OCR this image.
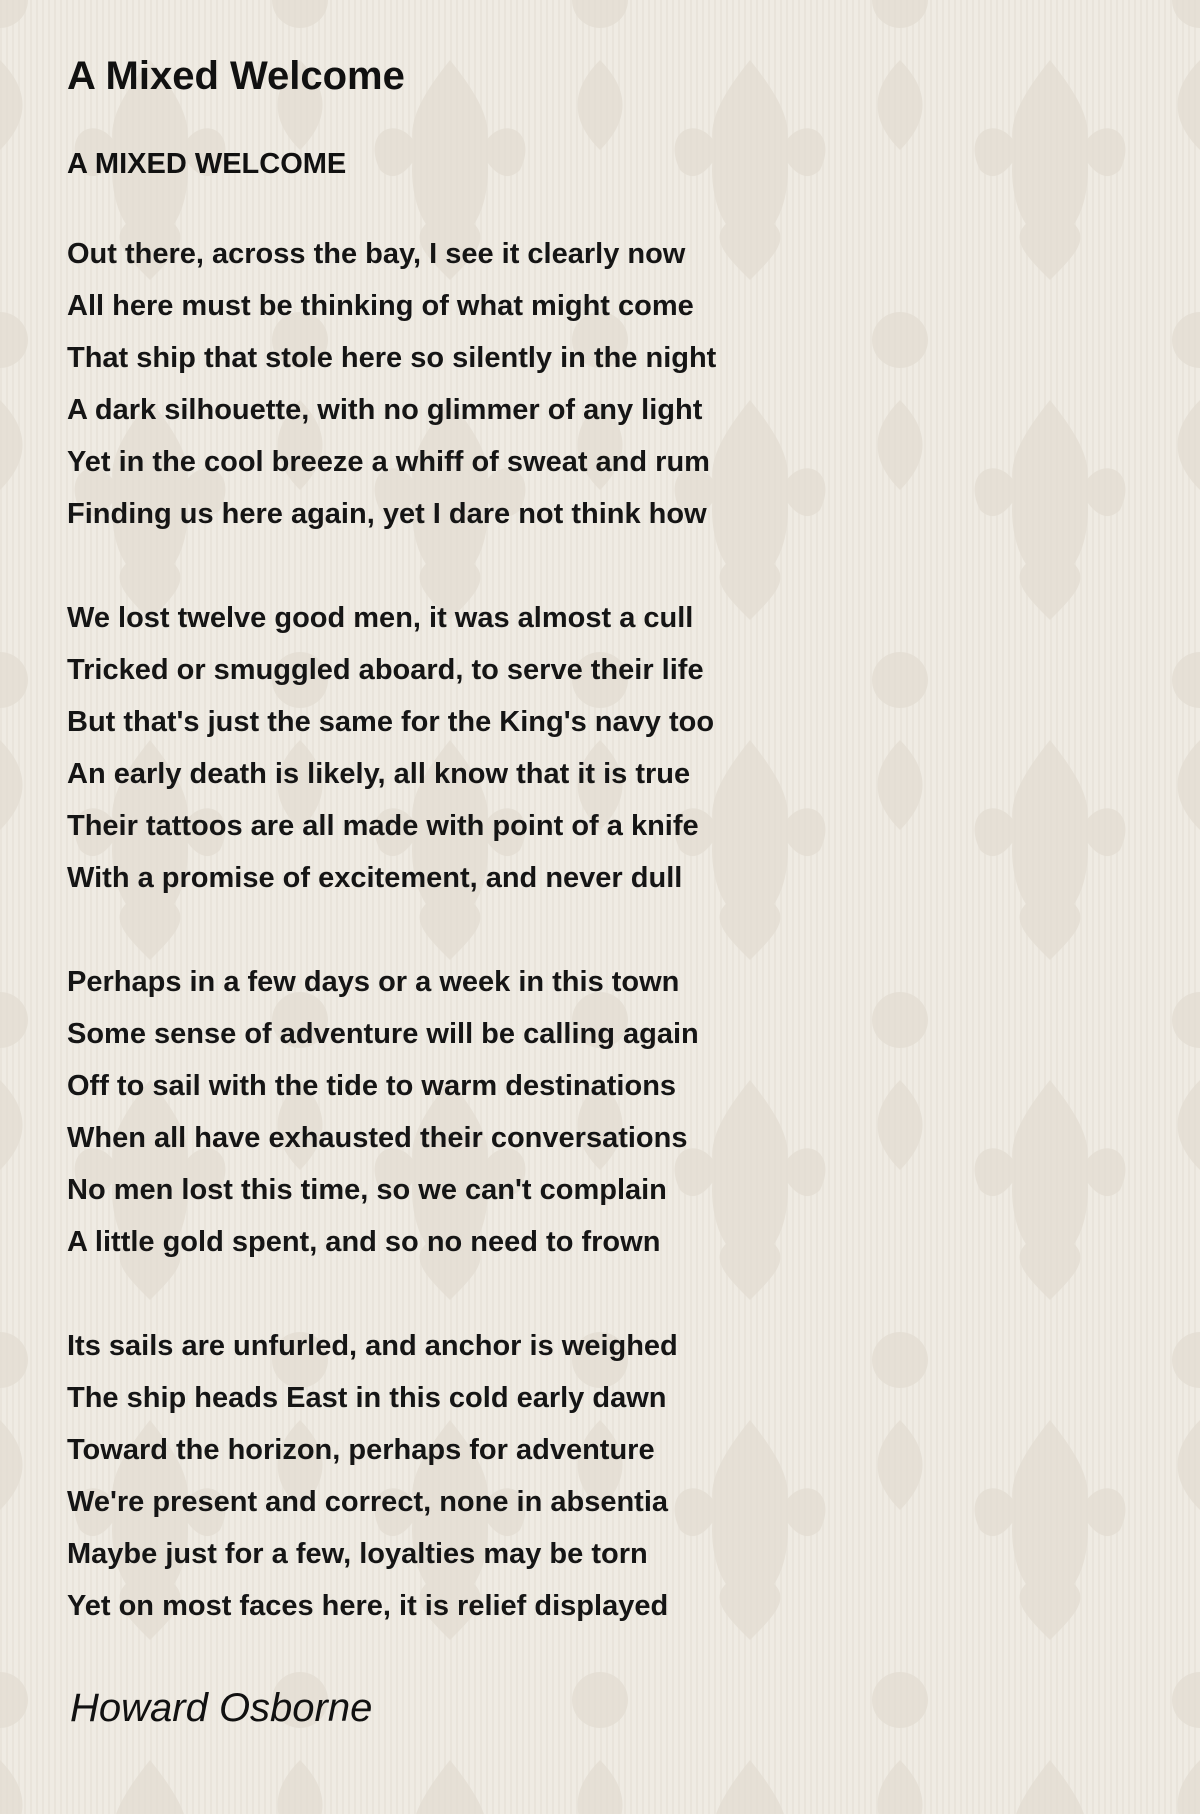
A Mixed Welcome
A MIXED WELCOME
Out there, across the bay, I see it clearly now
All here must be thinking of what might come
That ship that stole here so silently in the night
A dark silhouette, with no glimmer of any light
Yet in the cool breeze a whiff of sweat and rum
Finding us here again, yet I dare not think how
We lost twelve good men, it was almost a cull
Tricked or smuggled aboard, to serve their life
But that's just the same for the King's navy too
An early death is likely, all know that it is true
Their tattoos are all made with point of a knife
With a promise of excitement, and never dull
Perhaps in a few days or a week in this town
Some sense of adventure will be calling again
Off to sail with the tide to warm destinations
When all have exhausted their conversations
No men lost this time, so we can't complain
A little gold spent, and so no need to frown
Its sails are unfurled, and anchor is weighed
The ship heads East in this cold early dawn
Toward the horizon, perhaps for adventure
We're present and correct, none in absentia
Maybe just for a few, loyalties may be torn
Yet on most faces here, it is relief displayed
Howard Osborne
